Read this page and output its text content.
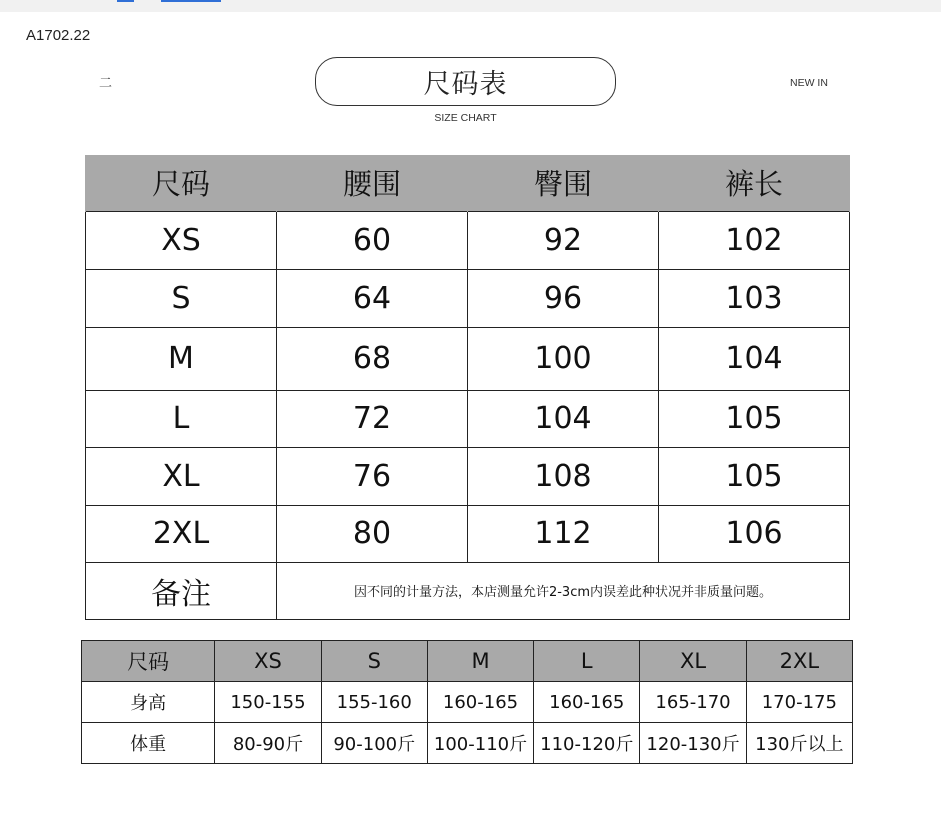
A1702.22
二	尺码表
SIZE CHART
NEW IN
尺码	腰围	臀围	裤长
XS	60	92	102
S	64	96	103
M	68	100	104
L	72	104	105
XL	76	108	105
2XL	80	112	106
备注	因不同的计量方法，本店测量允许2-3cm内误差此种状况并非质量问题。		
尺码	XS	S	M	L	XL	2XL
身高	150-155	155-160	160-165	160-165	165-170	170-175
体重	80-90斤	90-100斤	100-110斤	110-120斤	120-130斤	130斤以上
